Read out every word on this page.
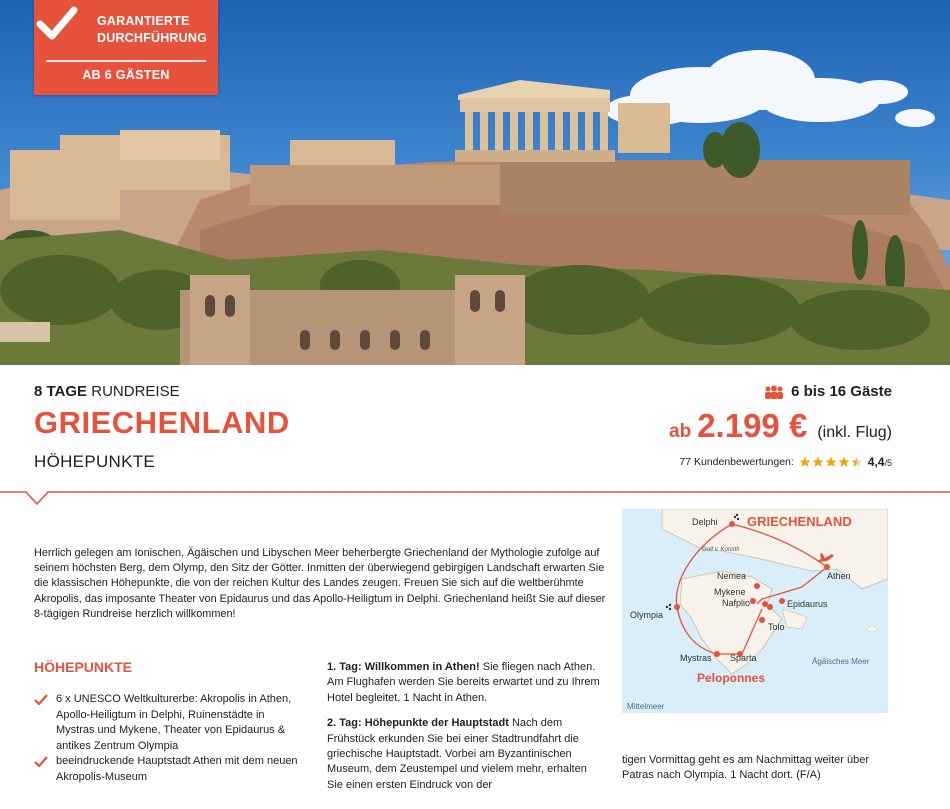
GARANTIERTE DURCHFÜHRUNG
AB 6 GÄSTEN
8 TAGE RUNDREISE
GRIECHENLAND
HÖHEPUNKTE
6 bis 16 Gäste
ab 2.199 € (inkl. Flug)
77 Kundenbewertungen:	4,4/5
GRIECHENLAND
Delphi
Athen
Nemea
Mykene
Nafplio	Epidaurus
Tolo
Olympia
Mystras Sparta
Peloponnes
Golf v. Korinth
Ägäisches Meer
Mittelmeer

Herrlich gelegen am Ionischen, Ägäischen und Libyschen Meer beherbergte Griechenland der Mythologie zufolge auf seinem höchsten Berg, dem Olymp, den Sitz der Götter. Inmitten der überwiegend gebirgigen Landschaft erwarten Sie die klassischen Höhepunkte, die von der reichen Kultur des Landes zeugen. Freuen Sie sich auf die weltberühmte Akropolis, das imposante Theater von Epidaurus und das Apollo-Heiligtum in Delphi. Griechenland heißt Sie auf dieser 8-tägigen Rundreise herzlich willkommen!

HÖHEPUNKTE
6 x UNESCO Weltkulturerbe: Akropolis in Athen, Apollo-Heiligtum in Delphi, Ruinenstädte in Mystras und Mykene, Theater von Epidaurus & antikes Zentrum Olympia
beeindruckende Hauptstadt Athen mit dem neuen Akropolis-Museum

1. Tag: Willkommen in Athen! Sie fliegen nach Athen. Am Flughafen werden Sie bereits erwartet und zu Ihrem Hotel begleitet. 1 Nacht in Athen.

2. Tag: Höhepunkte der Hauptstadt Nach dem Frühstück erkunden Sie bei einer Stadtrundfahrt die griechische Hauptstadt. Vorbei am Byzantinischen Museum, dem Zeustempel und vielem mehr, erhalten Sie einen ersten Eindruck von der

tigen Vormittag geht es am Nachmittag weiter über Patras nach Olympia. 1 Nacht dort. (F/A)
